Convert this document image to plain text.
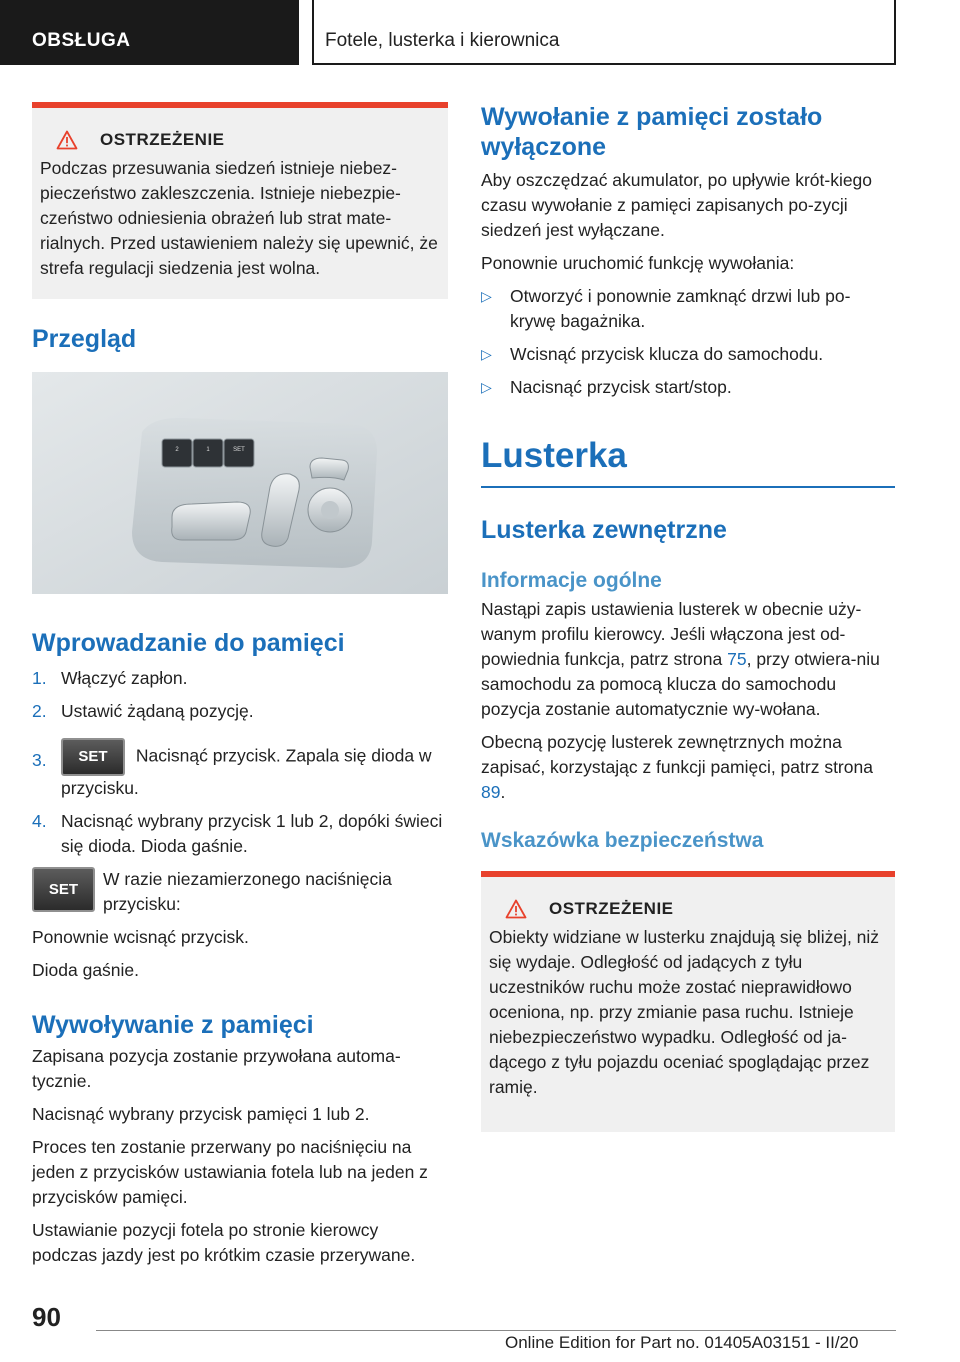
OBSŁUGA	Fotele, lusterka i kierownica
OSTRZEŻENIE

Podczas przesuwania siedzeń istnieje niebez-pieczeństwo zakleszczenia. Istnieje niebezpie-czeństwo odniesienia obrażeń lub strat mate-rialnych. Przed ustawieniem należy się upewnić, że strefa regulacji siedzenia jest wolna.

Przegląd
2	1	SET
Wprowadzanie do pamięci
1. Włączyć zapłon.
2. Ustawić żądaną pozycję.
3. SET Nacisnąć przycisk. Zapala się dioda w przycisku.
4. Nacisnąć wybrany przycisk 1 lub 2, dopóki świeci się dioda. Dioda gaśnie.
SET

W razie niezamierzonego naciśnięcia przycisku:

Ponownie wcisnąć przycisk.

Dioda gaśnie.

Wywoływanie z pamięci

Zapisana pozycja zostanie przywołana automa-tycznie.

Nacisnąć wybrany przycisk pamięci 1 lub 2.

Proces ten zostanie przerwany po naciśnięciu na jeden z przycisków ustawiania fotela lub na jeden z przycisków pamięci.

Ustawianie pozycji fotela po stronie kierowcy podczas jazdy jest po krótkim czasie przerywane.

Wywołanie z pamięci zostało wyłączone

Aby oszczędzać akumulator, po upływie krót-kiego czasu wywołanie z pamięci zapisanych po-zycji siedzeń jest wyłączane.

Ponownie uruchomić funkcję wywołania:

▷ Otworzyć i ponownie zamknąć drzwi lub po-krywę bagażnika.
▷ Wcisnąć przycisk klucza do samochodu.
▷ Nacisnąć przycisk start/stop.
Lusterka
Lusterka zewnętrzne
Informacje ogólne

Nastąpi zapis ustawienia lusterek w obecnie uży-wanym profilu kierowcy. Jeśli włączona jest od-powiednia funkcja, patrz strona 75, przy otwiera-niu samochodu za pomocą klucza do samochodu pozycja zostanie automatycznie wy-wołana.

Obecną pozycję lusterek zewnętrznych można zapisać, korzystając z funkcji pamięci, patrz strona 89.

Wskazówka bezpieczeństwa
OSTRZEŻENIE

Obiekty widziane w lusterku znajdują się bliżej, niż się wydaje. Odległość od jadących z tyłu uczestników ruchu może zostać nieprawidłowo oceniona, np. przy zmianie pasa ruchu. Istnieje niebezpieczeństwo wypadku. Odległość od ja-dącego z tyłu pojazdu oceniać spoglądając przez ramię.

90
Online Edition for Part no. 01405A03151 - II/20
